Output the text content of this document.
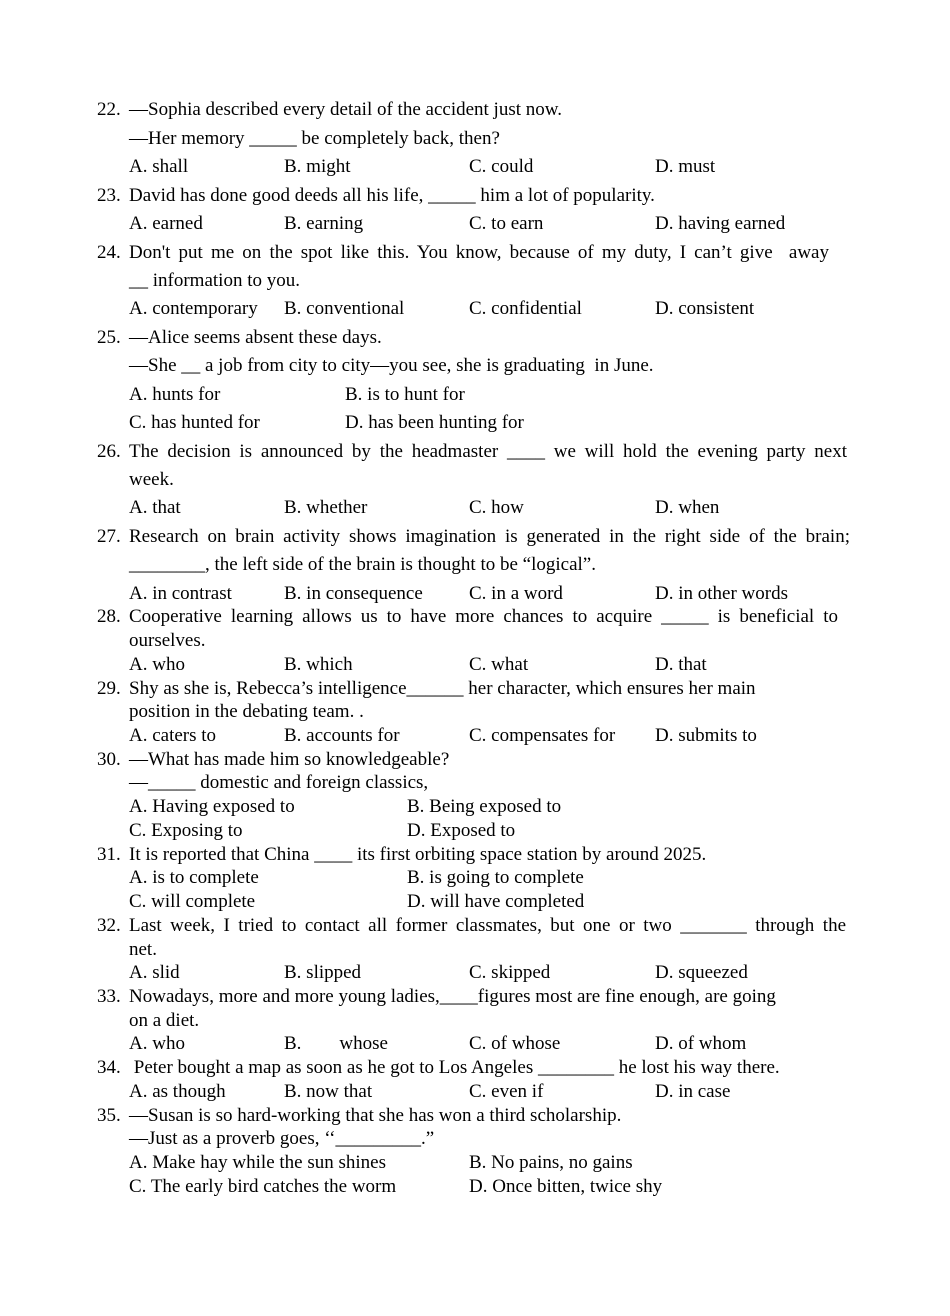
22. —Sophia described every detail of the accident just now.
—Her memory _____ be completely back, then?
A. shall	B. might	C. could	D. must
23. David has done good deeds all his life, _____ him a lot of popularity.
A. earned	B. earning	C. to earn	D. having earned
24. Don't put me on the spot like this. You know, because of my duty, I can’t give  away
__ information to you.
A. contemporary B. conventional	C. confidential	D. consistent
25. —Alice seems absent these days.
—She __ a job from city to city—you see, she is graduating  in June.
A. hunts for	B. is to hunt for
C. has hunted for	D. has been hunting for
26. The decision is announced by the headmaster ____ we will hold the evening party next
week.
A. that	B. whether	C. how	D. when
27. Research on brain activity shows imagination is generated in the right side of the brain;
________, the left side of the brain is thought to be “logical”.
A. in contrast	B. in consequence C. in a word	D. in other words
28. Cooperative learning allows us to have more chances to acquire _____ is beneficial to
ourselves.
A. who	B. which	C. what	D. that
29. Shy as she is, Rebecca’s intelligence______ her character, which ensures her main
position in the debating team. .
A. caters to	B. accounts for	C. compensates for D. submits to
30. —What has made him so knowledgeable?
—_____ domestic and foreign classics,
A. Having exposed to	B. Being exposed to
C. Exposing to	D. Exposed to
31. It is reported that China ____ its first orbiting space station by around 2025.
A. is to complete	B. is going to complete
C. will complete	D. will have completed
32. Last week, I tried to contact all former classmates, but one or two _______ through the
net.
A. slid	B. slipped	C. skipped	D. squeezed
33. Nowadays, more and more young ladies,____figures most are fine enough, are going
on a diet.
A. who	B.        whose	C. of whose	D. of whom
34. Peter bought a map as soon as he got to Los Angeles ________ he lost his way there.
A. as though	B. now that	C. even if	D. in case
35. —Susan is so hard-working that she has won a third scholarship.
—Just as a proverb goes, ‘‘_________.”
A. Make hay while the sun shines	B. No pains, no gains
C. The early bird catches the worm	D. Once bitten, twice shy
